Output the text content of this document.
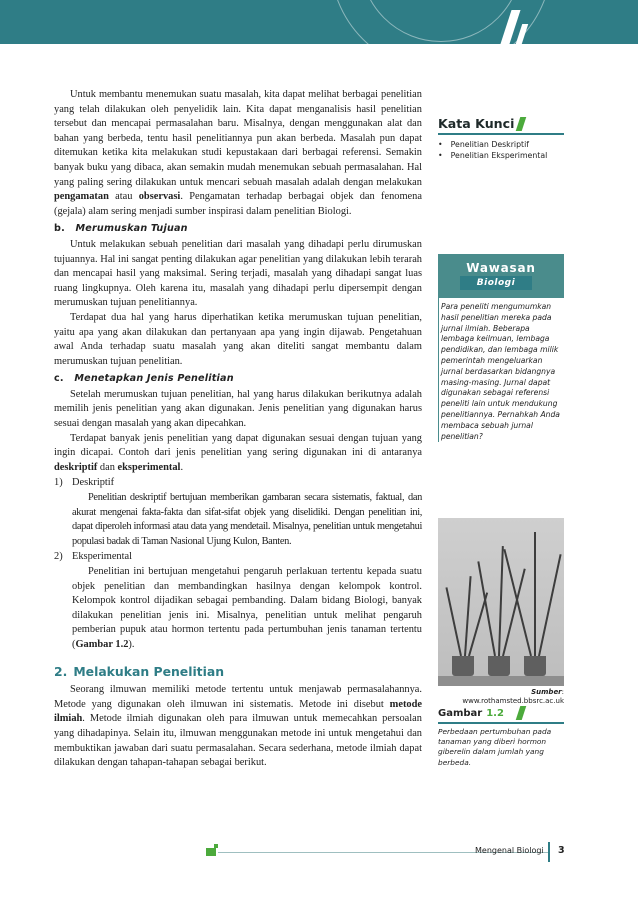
Untuk membantu menemukan suatu masalah, kita dapat melihat berbagai penelitian yang telah dilakukan oleh penyelidik lain. Kita dapat menganalisis hasil penelitian tersebut dan mencapai permasalahan baru. Misalnya, dengan menggunakan alat dan bahan yang berbeda, tentu hasil penelitiannya pun akan berbeda. Masalah pun dapat ditemukan ketika kita melakukan studi kepustakaan dari berbagai referensi. Semakin banyak buku yang dibaca, akan semakin mudah menemukan sebuah permasalahan. Hal yang paling sering dilakukan untuk mencari sebuah masalah adalah dengan melakukan pengamatan atau observasi. Pengamatan terhadap berbagai objek dan fenomena (gejala) alam sering menjadi sumber inspirasi dalam penelitian Biologi.

b. Merumuskan Tujuan

Untuk melakukan sebuah penelitian dari masalah yang dihadapi perlu dirumuskan tujuannya. Hal ini sangat penting dilakukan agar penelitian yang dilakukan lebih terarah dan mencapai hasil yang maksimal. Sering terjadi, masalah yang dihadapi sangat luas ruang lingkupnya. Oleh karena itu, masalah yang dihadapi perlu dipersempit dengan merumuskan tujuan penelitiannya.

Terdapat dua hal yang harus diperhatikan ketika merumuskan tujuan penelitian, yaitu apa yang akan dilakukan dan pertanyaan apa yang ingin dijawab. Pengetahuan awal Anda terhadap suatu masalah yang akan diteliti sangat membantu dalam merumuskan tujuan penelitian.

c. Menetapkan Jenis Penelitian

Setelah merumuskan tujuan penelitian, hal yang harus dilakukan berikutnya adalah memilih jenis penelitian yang akan digunakan. Jenis penelitian yang digunakan harus sesuai dengan masalah yang akan dipecahkan.

Terdapat banyak jenis penelitian yang dapat digunakan sesuai dengan tujuan yang ingin dicapai. Contoh dari jenis penelitian yang sering digunakan ini di antaranya deskriptif dan eksperimental.

1) Deskriptif

Penelitian deskriptif bertujuan memberikan gambaran secara sistematis, faktual, dan akurat mengenai fakta-fakta dan sifat-sifat objek yang diselidiki. Dengan penelitian ini, dapat diperoleh informasi atau data yang mendetail. Misalnya, penelitian untuk mengetahui populasi badak di Taman Nasional Ujung Kulon, Banten.

2) Eksperimental

Penelitian ini bertujuan mengetahui pengaruh perlakuan tertentu kepada suatu objek penelitian dan membandingkan hasilnya dengan kelompok kontrol. Kelompok kontrol dijadikan sebagai pembanding. Dalam bidang Biologi, banyak dilakukan penelitian jenis ini. Misalnya, penelitian untuk melihat pengaruh pemberian pupuk atau hormon tertentu pada pertumbuhan jenis tanaman tertentu (Gambar 1.2).

2. Melakukan Penelitian

Seorang ilmuwan memiliki metode tertentu untuk menjawab permasalahannya. Metode yang digunakan oleh ilmuwan ini sistematis. Metode ini disebut metode ilmiah. Metode ilmiah digunakan oleh para ilmuwan untuk memecahkan persoalan yang dihadapinya. Selain itu, ilmuwan menggunakan metode ini untuk mengetahui dan membuktikan jawaban dari suatu permasalahan. Secara sederhana, metode ilmiah dapat dilakukan dengan tahapan-tahapan sebagai berikut.

Kata Kunci
• Penelitian Deskriptif
• Penelitian Eksperimental
Wawasan
Biologi
Para peneliti mengumumkan hasil penelitian mereka pada jurnal ilmiah. Beberapa lembaga keilmuan, lembaga pendidikan, dan lembaga milik pemerintah mengeluarkan jurnal berdasarkan bidangnya masing-masing. Jurnal dapat digunakan sebagai referensi peneliti lain untuk mendukung penelitiannya. Pernahkah Anda membaca sebuah jurnal penelitian?
Sumber: www.rothamsted.bbsrc.ac.uk
Gambar 1.2
Perbedaan pertumbuhan pada tanaman yang diberi hormon giberelin dalam jumlah yang berbeda.
Mengenal Biologi 3
